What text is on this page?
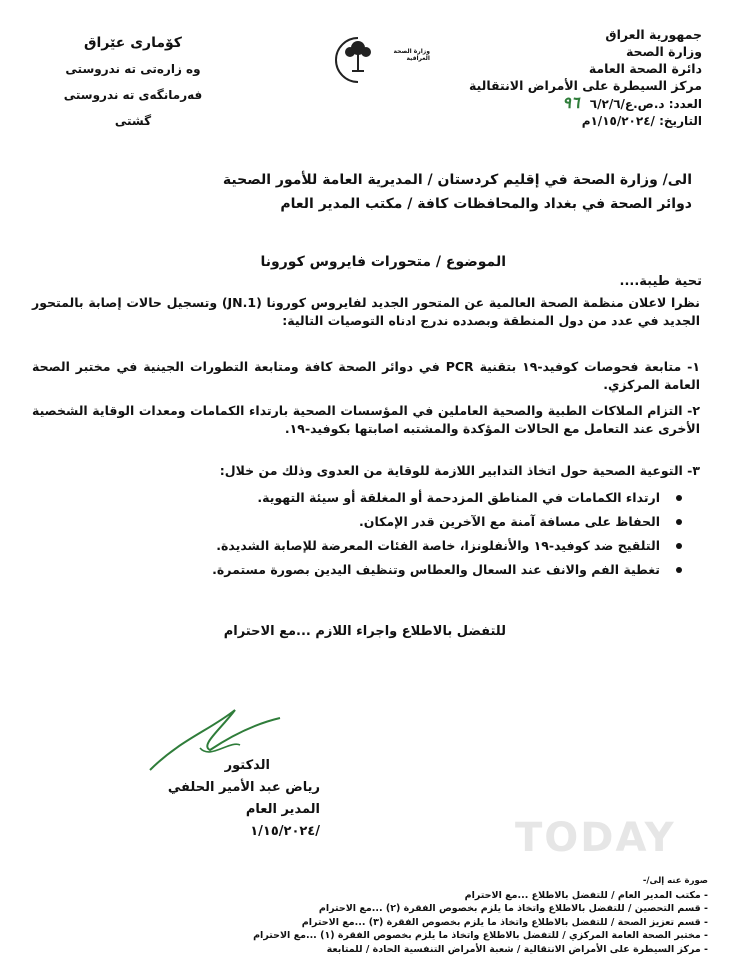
جمهورية العراق
وزارة الصحة
دائرة الصحة العامة
مركز السيطرة على الأمراض الانتقالية
العدد: د.ص.ع/٦/٢/٦ ٩٦
التاريخ: /١/١٥/٢٠٢٤م
وزارة الصحة العراقية
كۆماری عێراق
وه زارەتى ته ندروستى
فەرمانگەی تە ندروستی گشتی
الى/ وزارة الصحة في إقليم كردستان / المديرية العامة للأمور الصحية
دوائر الصحة في بغداد والمحافظات كافة / مكتب المدير العام
الموضوع / متحورات فايروس كورونا
تحية طيبة....
نظرا لاعلان منظمة الصحة العالمية عن المتحور الجديد لفايروس كورونا (JN.1) وتسجيل حالات إصابة بالمتحور الجديد في عدد من دول المنطقة وبصدده ندرج ادناه التوصيات التالية:
١- متابعة فحوصات كوفيد-١٩ بتقنية PCR في دوائر الصحة كافة ومتابعة التطورات الجينية في مختبر الصحة العامة المركزي.
٢- التزام الملاكات الطبية والصحية العاملين في المؤسسات الصحية بارتداء الكمامات ومعدات الوقاية الشخصية الأخرى عند التعامل مع الحالات المؤكدة والمشتبه اصابتها بكوفيد-١٩.
٣- التوعية الصحية حول اتخاذ التدابير اللازمة للوقاية من العدوى وذلك من خلال:
ارتداء الكمامات في المناطق المزدحمة أو المغلقة أو سيئة التهوية.
الحفاظ على مسافة آمنة مع الآخرين قدر الإمكان.
التلقيح ضد كوفيد-١٩ والأنفلونزا، خاصة الفئات المعرضة للإصابة الشديدة.
تغطية الفم والانف عند السعال والعطاس وتنظيف اليدين بصورة مستمرة.
للتفضل بالاطلاع واجراء اللازم ...مع الاحترام
الدكتور
رياض عبد الأمير الحلفي
المدير العام
/١/١٥/٢٠٢٤	TODAY
صورة عنه إلى/-
- مكتب المدير العام / للتفضل بالاطلاع ...مع الاحترام
- قسم التحصين / للتفضل بالاطلاع واتخاذ ما يلزم بخصوص الفقرة (٢) ...مع الاحترام
- قسم تعزيز الصحة / للتفضل بالاطلاع واتخاذ ما يلزم بخصوص الفقرة (٣) ...مع الاحترام
- مختبر الصحة العامة المركزي / للتفضل بالاطلاع واتخاذ ما يلزم بخصوص الفقرة (١) ...مع الاحترام
- مركز السيطرة على الأمراض الانتقالية / شعبة الأمراض التنفسية الحادة / للمتابعة
